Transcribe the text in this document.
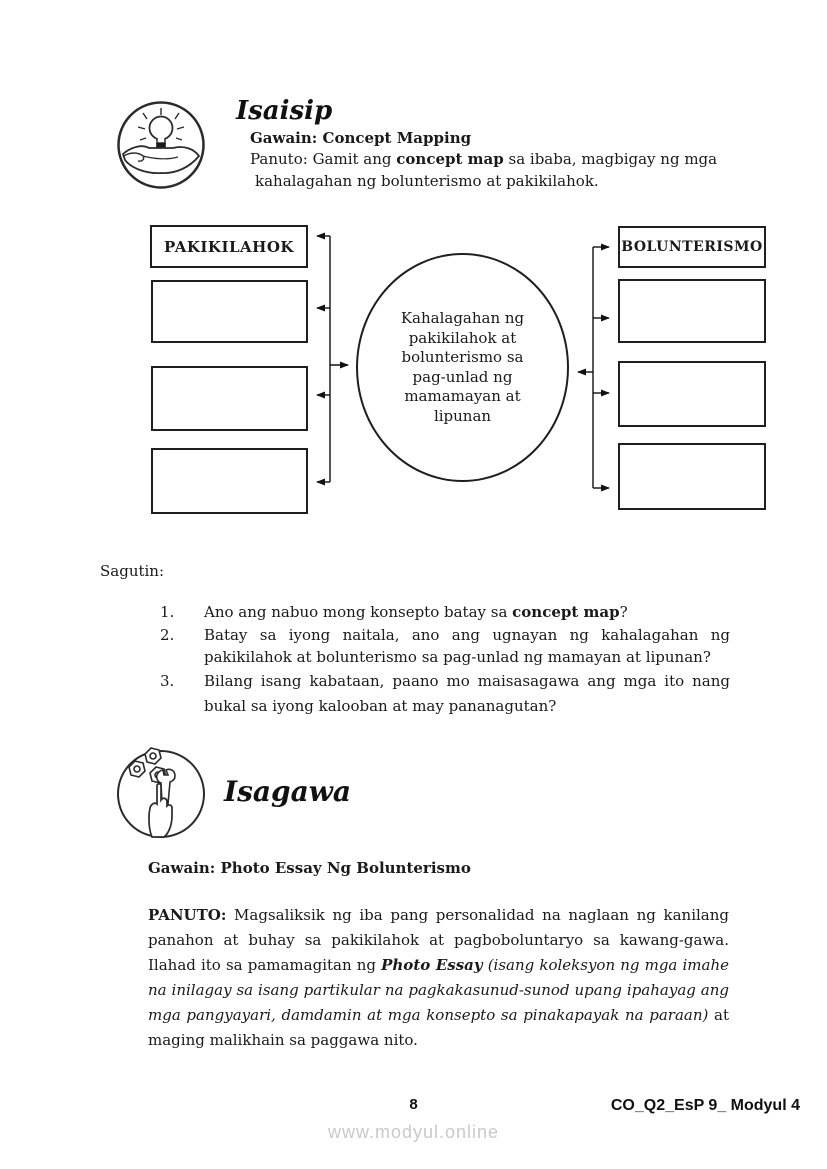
Isaisip
Gawain: Concept Mapping
Panuto: Gamit ang concept map sa ibaba, magbigay ng mga
kahalagahan ng bolunterismo at pakikilahok.
PAKIKILAHOK	BOLUNTERISMO
Kahalagahan ng
pakikilahok at
bolunterismo sa
pag-unlad ng
mamamayan at
lipunan
Sagutin:
1.	Ano ang nabuo mong konsepto batay sa concept map?
2.	Batay sa iyong naitala, ano ang ugnayan ng kahalagahan ng pakikilahok at bolunterismo sa pag-unlad ng mamayan at lipunan?
3.	Bilang isang kabataan, paano mo maisasagawa ang mga ito nang bukal sa iyong kalooban at may pananagutan?
Isagawa
Gawain: Photo Essay Ng Bolunterismo
PANUTO: Magsaliksik ng iba pang personalidad na naglaan ng kanilang panahon at buhay sa pakikilahok at pagboboluntaryo sa kawang-gawa. Ilahad ito sa pamamagitan ng Photo Essay (isang koleksyon ng mga imahe na inilagay sa isang partikular na pagkakasunud-sunod upang ipahayag ang mga pangyayari, damdamin at mga konsepto sa pinakapayak na paraan) at maging malikhain sa paggawa nito.
8	CO_Q2_EsP 9_ Modyul 4
www.modyul.online
